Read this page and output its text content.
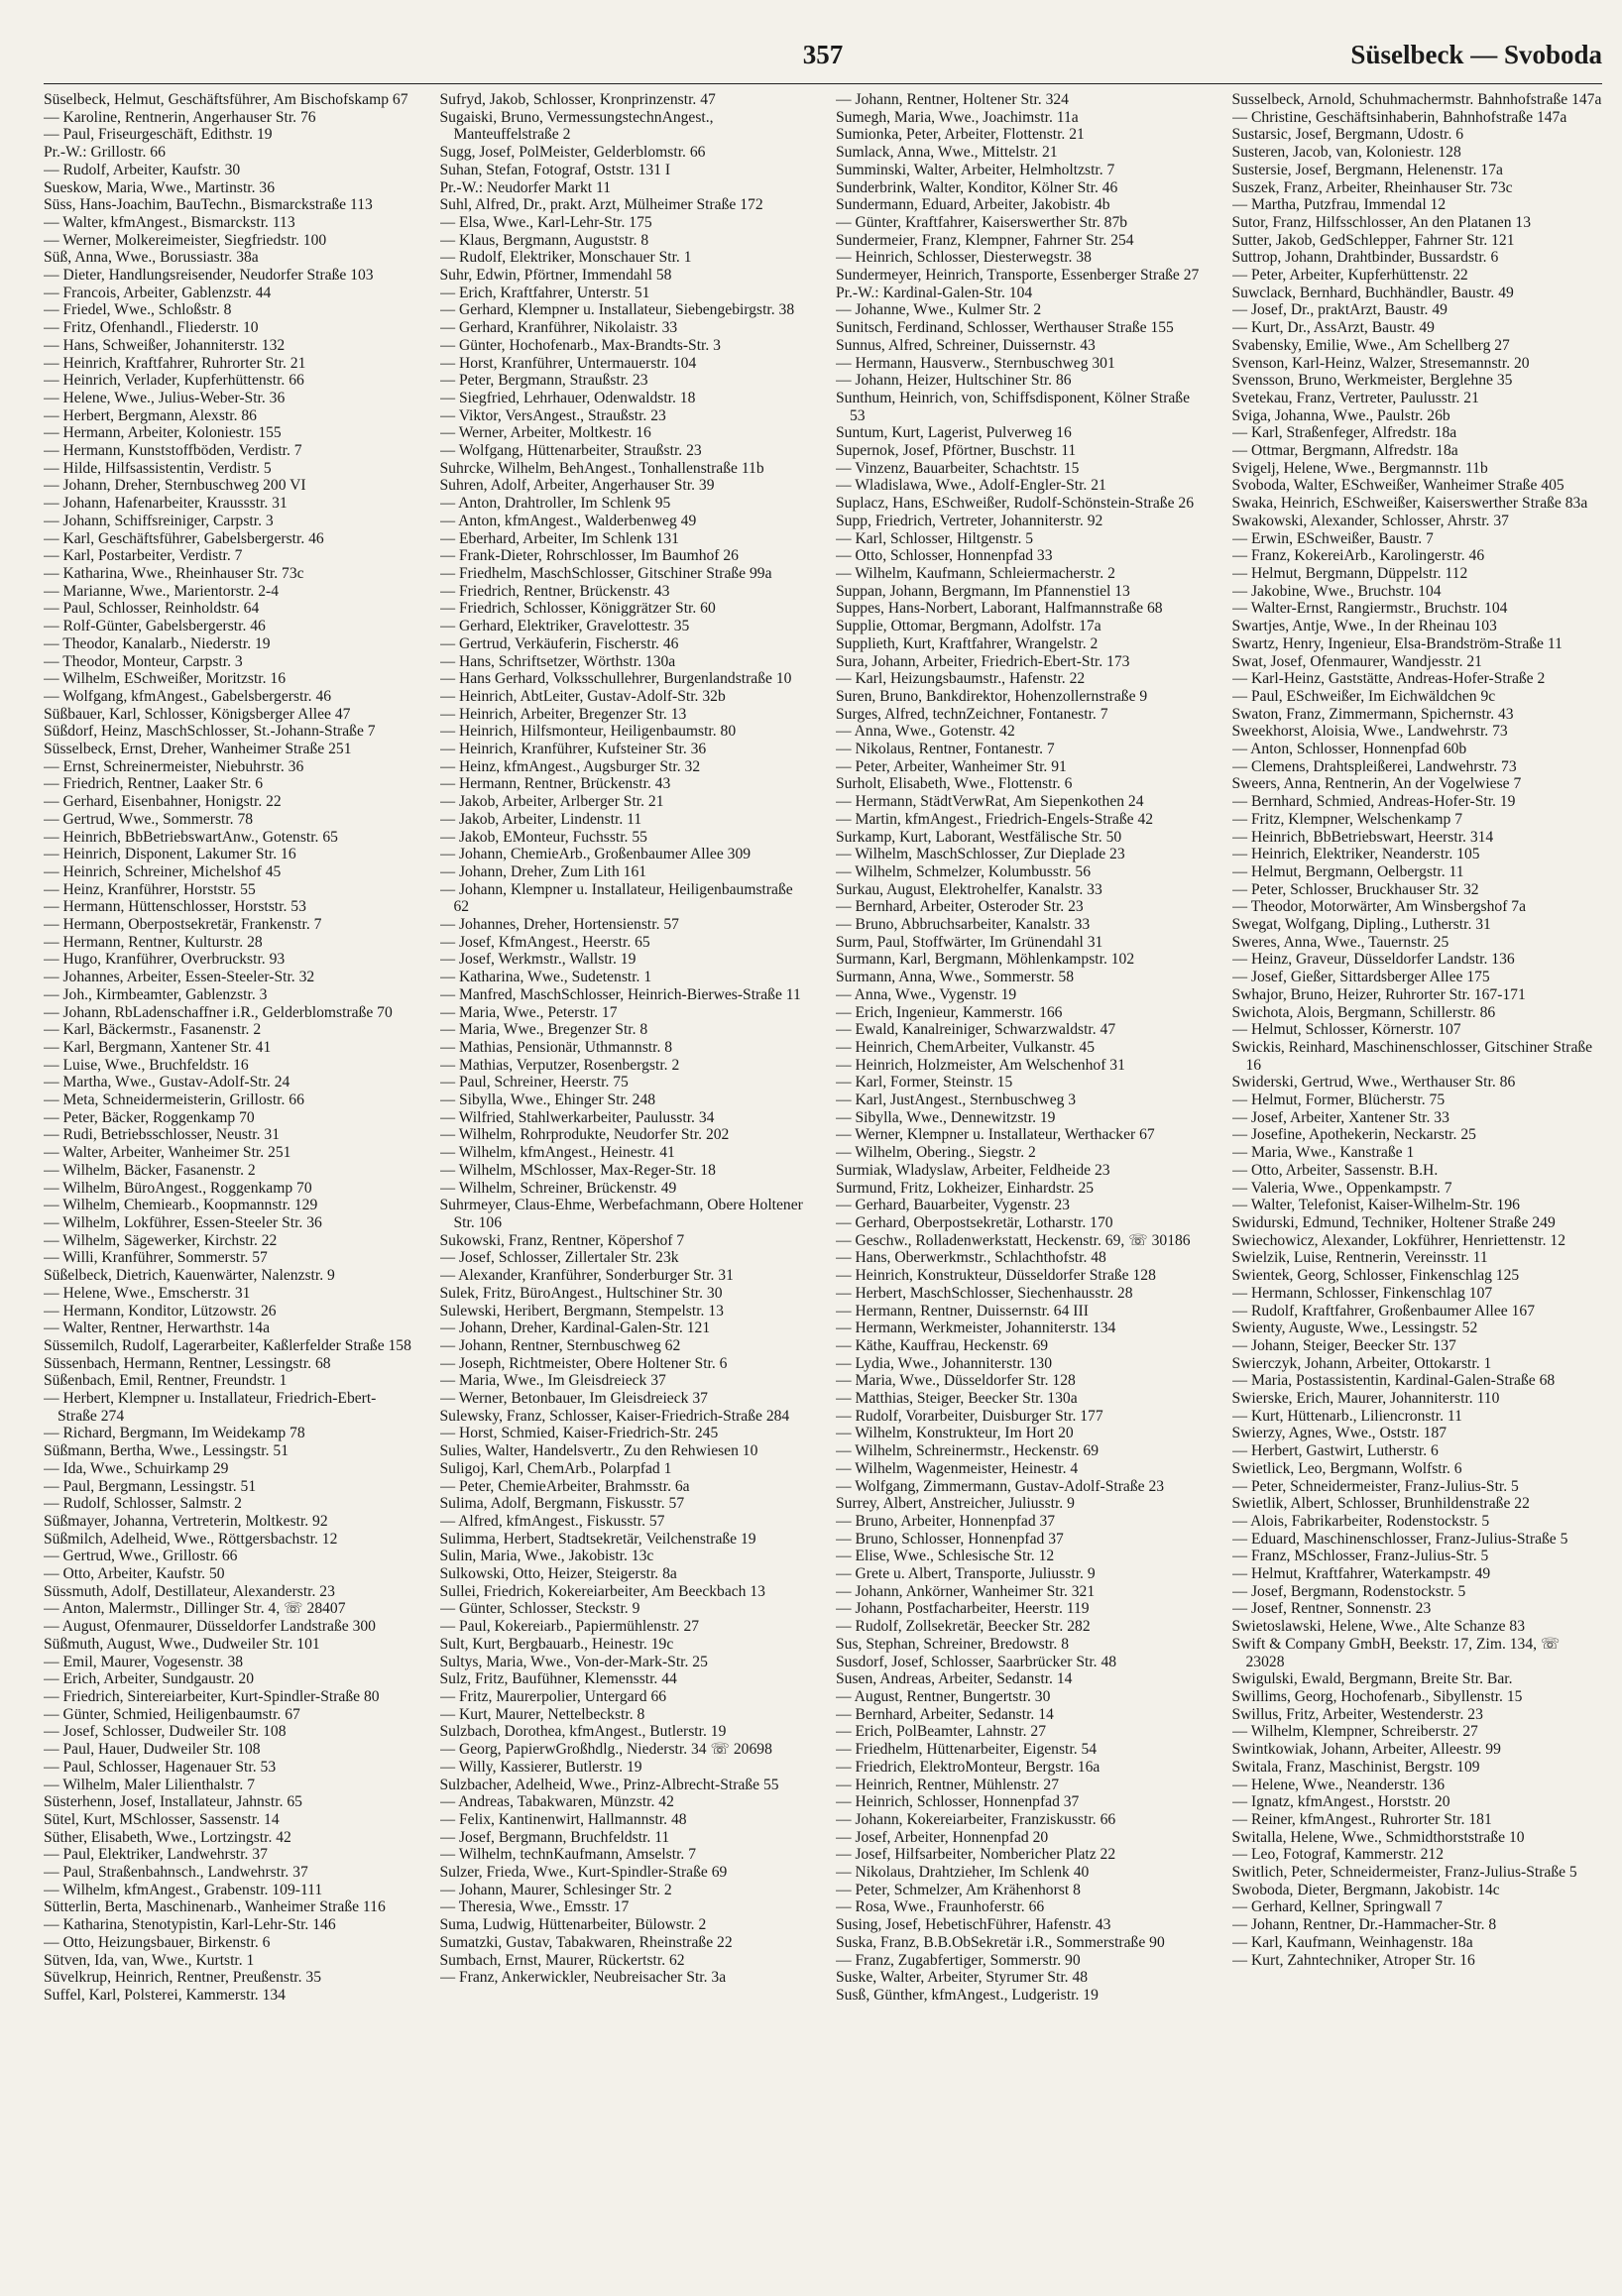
357	Süselbeck — Svoboda
Süselbeck, Helmut, Geschäftsführer, Am Bischofskamp 67
— Karoline, Rentnerin, Angerhauser Str. 76
— Paul, Friseurgeschäft, Edithstr. 19
Pr.-W.: Grillostr. 66
— Rudolf, Arbeiter, Kaufstr. 30
Sueskow, Maria, Wwe., Martinstr. 36
Süss, Hans-Joachim, BauTechn., Bismarckstraße 113
— Walter, kfmAngest., Bismarckstr. 113
— Werner, Molkereimeister, Siegfriedstr. 100
Süß, Anna, Wwe., Borussiastr. 38a
— Dieter, Handlungsreisender, Neudorfer Straße 103
— Francois, Arbeiter, Gablenzstr. 44
— Friedel, Wwe., Schloßstr. 8
— Fritz, Ofenhandl., Fliederstr. 10
— Hans, Schweißer, Johanniterstr. 132
— Heinrich, Kraftfahrer, Ruhrorter Str. 21
— Heinrich, Verlader, Kupferhüttenstr. 66
— Helene, Wwe., Julius-Weber-Str. 36
— Herbert, Bergmann, Alexstr. 86
— Hermann, Arbeiter, Koloniestr. 155
— Hermann, Kunststoffböden, Verdistr. 7
— Hilde, Hilfsassistentin, Verdistr. 5
— Johann, Dreher, Sternbuschweg 200 VI
— Johann, Hafenarbeiter, Kraussstr. 31
— Johann, Schiffsreiniger, Carpstr. 3
— Karl, Geschäftsführer, Gabelsbergerstr. 46
— Karl, Postarbeiter, Verdistr. 7
— Katharina, Wwe., Rheinhauser Str. 73c
— Marianne, Wwe., Marientorstr. 2-4
— Paul, Schlosser, Reinholdstr. 64
— Rolf-Günter, Gabelsbergerstr. 46
— Theodor, Kanalarb., Niederstr. 19
— Theodor, Monteur, Carpstr. 3
— Wilhelm, ESchweißer, Moritzstr. 16
— Wolfgang, kfmAngest., Gabelsbergerstr. 46
Süßbauer, Karl, Schlosser, Königsberger Allee 47
Süßdorf, Heinz, MaschSchlosser, St.-Johann-Straße 7
Süsselbeck, Ernst, Dreher, Wanheimer Straße 251
— Ernst, Schreinermeister, Niebuhrstr. 36
— Friedrich, Rentner, Laaker Str. 6
— Gerhard, Eisenbahner, Honigstr. 22
— Gertrud, Wwe., Sommerstr. 78
— Heinrich, BbBetriebswartAnw., Gotenstr. 65
— Heinrich, Disponent, Lakumer Str. 16
— Heinrich, Schreiner, Michelshof 45
— Heinz, Kranführer, Horststr. 55
— Hermann, Hüttenschlosser, Horststr. 53
— Hermann, Oberpostsekretär, Frankenstr. 7
— Hermann, Rentner, Kulturstr. 28
— Hugo, Kranführer, Overbruckstr. 93
— Johannes, Arbeiter, Essen-Steeler-Str. 32
— Joh., Kirmbeamter, Gablenzstr. 3
— Johann, RbLadenschaffner i.R., Gelderblomstraße 70
— Karl, Bäckermstr., Fasanenstr. 2
— Karl, Bergmann, Xantener Str. 41
— Luise, Wwe., Bruchfeldstr. 16
— Martha, Wwe., Gustav-Adolf-Str. 24
— Meta, Schneidermeisterin, Grillostr. 66
— Peter, Bäcker, Roggenkamp 70
— Rudi, Betriebsschlosser, Neustr. 31
— Walter, Arbeiter, Wanheimer Str. 251
— Wilhelm, Bäcker, Fasanenstr. 2
— Wilhelm, BüroAngest., Roggenkamp 70
— Wilhelm, Chemiearb., Koopmannstr. 129
— Wilhelm, Lokführer, Essen-Steeler Str. 36
— Wilhelm, Sägewerker, Kirchstr. 22
— Willi, Kranführer, Sommerstr. 57
Süßelbeck, Dietrich, Kauenwärter, Nalenzstr. 9
— Helene, Wwe., Emscherstr. 31
— Hermann, Konditor, Lützowstr. 26
— Walter, Rentner, Herwarthstr. 14a
Süssemilch, Rudolf, Lagerarbeiter, Kaßlerfelder Straße 158
Süssenbach, Hermann, Rentner, Lessingstr. 68
Süßenbach, Emil, Rentner, Freundstr. 1
— Herbert, Klempner u. Installateur, Friedrich-Ebert-Straße 274
— Richard, Bergmann, Im Weidekamp 78
Süßmann, Bertha, Wwe., Lessingstr. 51
— Ida, Wwe., Schuirkamp 29
— Paul, Bergmann, Lessingstr. 51
— Rudolf, Schlosser, Salmstr. 2
Süßmayer, Johanna, Vertreterin, Moltkestr. 92
Süßmilch, Adelheid, Wwe., Röttgersbachstr. 12
— Gertrud, Wwe., Grillostr. 66
— Otto, Arbeiter, Kaufstr. 50
Süssmuth, Adolf, Destillateur, Alexanderstr. 23
— Anton, Malermstr., Dillinger Str. 4, ☏ 28407
— August, Ofenmaurer, Düsseldorfer Landstraße 300
Süßmuth, August, Wwe., Dudweiler Str. 101
— Emil, Maurer, Vogesenstr. 38
— Erich, Arbeiter, Sundgaustr. 20
— Friedrich, Sintereiarbeiter, Kurt-Spindler-Straße 80
— Günter, Schmied, Heiligenbaumstr. 67
— Josef, Schlosser, Dudweiler Str. 108
— Paul, Hauer, Dudweiler Str. 108
— Paul, Schlosser, Hagenauer Str. 53
— Wilhelm, Maler Lilienthalstr. 7
Süsterhenn, Josef, Installateur, Jahnstr. 65
Sütel, Kurt, MSchlosser, Sassenstr. 14
Süther, Elisabeth, Wwe., Lortzingstr. 42
— Paul, Elektriker, Landwehrstr. 37
— Paul, Straßenbahnsch., Landwehrstr. 37
— Wilhelm, kfmAngest., Grabenstr. 109-111
Sütterlin, Berta, Maschinenarb., Wanheimer Straße 116
— Katharina, Stenotypistin, Karl-Lehr-Str. 146
— Otto, Heizungsbauer, Birkenstr. 6
Sütven, Ida, van, Wwe., Kurtstr. 1
Süvelkrup, Heinrich, Rentner, Preußenstr. 35
Suffel, Karl, Polsterei, Kammerstr. 134
Sufryd, Jakob, Schlosser, Kronprinzenstr. 47
Sugaiski, Bruno, VermessungstechnAngest., Manteuffelstraße 2
Sugg, Josef, PolMeister, Gelderblomstr. 66
Suhan, Stefan, Fotograf, Oststr. 131 I
Pr.-W.: Neudorfer Markt 11
Suhl, Alfred, Dr., prakt. Arzt, Mülheimer Straße 172
— Elsa, Wwe., Karl-Lehr-Str. 175
— Klaus, Bergmann, Auguststr. 8
— Rudolf, Elektriker, Monschauer Str. 1
Suhr, Edwin, Pförtner, Immendahl 58
— Erich, Kraftfahrer, Unterstr. 51
— Gerhard, Klempner u. Installateur, Siebengebirgstr. 38
— Gerhard, Kranführer, Nikolaistr. 33
— Günter, Hochofenarb., Max-Brandts-Str. 3
— Horst, Kranführer, Untermauerstr. 104
— Peter, Bergmann, Straußstr. 23
— Siegfried, Lehrhauer, Odenwaldstr. 18
— Viktor, VersAngest., Straußstr. 23
— Werner, Arbeiter, Moltkestr. 16
— Wolfgang, Hüttenarbeiter, Straußstr. 23
Suhrcke, Wilhelm, BehAngest., Tonhallenstraße 11b
Suhren, Adolf, Arbeiter, Angerhauser Str. 39
— Anton, Drahtroller, Im Schlenk 95
— Anton, kfmAngest., Walderbenweg 49
— Eberhard, Arbeiter, Im Schlenk 131
— Frank-Dieter, Rohrschlosser, Im Baumhof 26
— Friedhelm, MaschSchlosser, Gitschiner Straße 99a
— Friedrich, Rentner, Brückenstr. 43
— Friedrich, Schlosser, Königgrätzer Str. 60
— Gerhard, Elektriker, Gravelottestr. 35
— Gertrud, Verkäuferin, Fischerstr. 46
— Hans, Schriftsetzer, Wörthstr. 130a
— Hans Gerhard, Volksschullehrer, Burgenlandstraße 10
— Heinrich, AbtLeiter, Gustav-Adolf-Str. 32b
— Heinrich, Arbeiter, Bregenzer Str. 13
— Heinrich, Hilfsmonteur, Heiligenbaumstr. 80
— Heinrich, Kranführer, Kufsteiner Str. 36
— Heinz, kfmAngest., Augsburger Str. 32
— Hermann, Rentner, Brückenstr. 43
— Jakob, Arbeiter, Arlberger Str. 21
— Jakob, Arbeiter, Lindenstr. 11
— Jakob, EMonteur, Fuchsstr. 55
— Johann, ChemieArb., Großenbaumer Allee 309
— Johann, Dreher, Zum Lith 161
— Johann, Klempner u. Installateur, Heiligenbaumstraße 62
— Johannes, Dreher, Hortensienstr. 57
— Josef, KfmAngest., Heerstr. 65
— Josef, Werkmstr., Wallstr. 19
— Katharina, Wwe., Sudetenstr. 1
— Manfred, MaschSchlosser, Heinrich-Bierwes-Straße 11
— Maria, Wwe., Peterstr. 17
— Maria, Wwe., Bregenzer Str. 8
— Mathias, Pensionär, Uthmannstr. 8
— Mathias, Verputzer, Rosenbergstr. 2
— Paul, Schreiner, Heerstr. 75
— Sibylla, Wwe., Ehinger Str. 248
— Wilfried, Stahlwerkarbeiter, Paulusstr. 34
— Wilhelm, Rohrprodukte, Neudorfer Str. 202
— Wilhelm, kfmAngest., Heinestr. 41
— Wilhelm, MSchlosser, Max-Reger-Str. 18
— Wilhelm, Schreiner, Brückenstr. 49
Suhrmeyer, Claus-Ehme, Werbefachmann, Obere Holtener Str. 106
Sukowski, Franz, Rentner, Köpershof 7
— Josef, Schlosser, Zillertaler Str. 23k
— Alexander, Kranführer, Sonderburger Str. 31
Sulek, Fritz, BüroAngest., Hultschiner Str. 30
Sulewski, Heribert, Bergmann, Stempelstr. 13
— Johann, Dreher, Kardinal-Galen-Str. 121
— Johann, Rentner, Sternbuschweg 62
— Joseph, Richtmeister, Obere Holtener Str. 6
— Maria, Wwe., Im Gleisdreieck 37
— Werner, Betonbauer, Im Gleisdreieck 37
Sulewsky, Franz, Schlosser, Kaiser-Friedrich-Straße 284
— Horst, Schmied, Kaiser-Friedrich-Str. 245
Sulies, Walter, Handelsvertr., Zu den Rehwiesen 10
Suligoj, Karl, ChemArb., Polarpfad 1
— Peter, ChemieArbeiter, Brahmsstr. 6a
Sulima, Adolf, Bergmann, Fiskusstr. 57
— Alfred, kfmAngest., Fiskusstr. 57
Sulimma, Herbert, Stadtsekretär, Veilchenstraße 19
Sulin, Maria, Wwe., Jakobistr. 13c
Sulkowski, Otto, Heizer, Steigerstr. 8a
Sullei, Friedrich, Kokereiarbeiter, Am Beeckbach 13
— Günter, Schlosser, Steckstr. 9
— Paul, Kokereiarb., Papiermühlenstr. 27
Sult, Kurt, Bergbauarb., Heinestr. 19c
Sultys, Maria, Wwe., Von-der-Mark-Str. 25
Sulz, Fritz, Baufühner, Klemensstr. 44
— Fritz, Maurerpolier, Untergard 66
— Kurt, Maurer, Nettelbeckstr. 8
Sulzbach, Dorothea, kfmAngest., Butlerstr. 19
— Georg, PapierwGroßhdlg., Niederstr. 34 ☏ 20698
— Willy, Kassierer, Butlerstr. 19
Sulzbacher, Adelheid, Wwe., Prinz-Albrecht-Straße 55
— Andreas, Tabakwaren, Münzstr. 42
— Felix, Kantinenwirt, Hallmannstr. 48
— Josef, Bergmann, Bruchfeldstr. 11
— Wilhelm, technKaufmann, Amselstr. 7
Sulzer, Frieda, Wwe., Kurt-Spindler-Straße 69
— Johann, Maurer, Schlesinger Str. 2
— Theresia, Wwe., Emsstr. 17
Suma, Ludwig, Hüttenarbeiter, Bülowstr. 2
Sumatzki, Gustav, Tabakwaren, Rheinstraße 22
Sumbach, Ernst, Maurer, Rückertstr. 62
— Franz, Ankerwickler, Neubreisacher Str. 3a
— Johann, Rentner, Holtener Str. 324
Sumegh, Maria, Wwe., Joachimstr. 11a
Sumionka, Peter, Arbeiter, Flottenstr. 21
Sumlack, Anna, Wwe., Mittelstr. 21
Summinski, Walter, Arbeiter, Helmholtzstr. 7
Sunderbrink, Walter, Konditor, Kölner Str. 46
Sundermann, Eduard, Arbeiter, Jakobistr. 4b
— Günter, Kraftfahrer, Kaiserswerther Str. 87b
Sundermeier, Franz, Klempner, Fahrner Str. 254
— Heinrich, Schlosser, Diesterwegstr. 38
Sundermeyer, Heinrich, Transporte, Essenberger Straße 27
Pr.-W.: Kardinal-Galen-Str. 104
— Johanne, Wwe., Kulmer Str. 2
Sunitsch, Ferdinand, Schlosser, Werthauser Straße 155
Sunnus, Alfred, Schreiner, Duissernstr. 43
— Hermann, Hausverw., Sternbuschweg 301
— Johann, Heizer, Hultschiner Str. 86
Sunthum, Heinrich, von, Schiffsdisponent, Kölner Straße 53
Suntum, Kurt, Lagerist, Pulverweg 16
Supernok, Josef, Pförtner, Buschstr. 11
— Vinzenz, Bauarbeiter, Schachtstr. 15
— Wladislawa, Wwe., Adolf-Engler-Str. 21
Suplacz, Hans, ESchweißer, Rudolf-Schönstein-Straße 26
Supp, Friedrich, Vertreter, Johanniterstr. 92
— Karl, Schlosser, Hiltgenstr. 5
— Otto, Schlosser, Honnenpfad 33
— Wilhelm, Kaufmann, Schleiermacherstr. 2
Suppan, Johann, Bergmann, Im Pfannenstiel 13
Suppes, Hans-Norbert, Laborant, Halfmannstraße 68
Supplie, Ottomar, Bergmann, Adolfstr. 17a
Supplieth, Kurt, Kraftfahrer, Wrangelstr. 2
Sura, Johann, Arbeiter, Friedrich-Ebert-Str. 173
— Karl, Heizungsbaumstr., Hafenstr. 22
Suren, Bruno, Bankdirektor, Hohenzollernstraße 9
Surges, Alfred, technZeichner, Fontanestr. 7
— Anna, Wwe., Gotenstr. 42
— Nikolaus, Rentner, Fontanestr. 7
— Peter, Arbeiter, Wanheimer Str. 91
Surholt, Elisabeth, Wwe., Flottenstr. 6
— Hermann, StädtVerwRat, Am Siepenkothen 24
— Martin, kfmAngest., Friedrich-Engels-Straße 42
Surkamp, Kurt, Laborant, Westfälische Str. 50
— Wilhelm, MaschSchlosser, Zur Dieplade 23
— Wilhelm, Schmelzer, Kolumbusstr. 56
Surkau, August, Elektrohelfer, Kanalstr. 33
— Bernhard, Arbeiter, Osteroder Str. 23
— Bruno, Abbruchsarbeiter, Kanalstr. 33
Surm, Paul, Stoffwärter, Im Grünendahl 31
Surmann, Karl, Bergmann, Möhlenkampstr. 102
Surmann, Anna, Wwe., Sommerstr. 58
— Anna, Wwe., Vygenstr. 19
— Erich, Ingenieur, Kammerstr. 166
— Ewald, Kanalreiniger, Schwarzwaldstr. 47
— Heinrich, ChemArbeiter, Vulkanstr. 45
— Heinrich, Holzmeister, Am Welschenhof 31
— Karl, Former, Steinstr. 15
— Karl, JustAngest., Sternbuschweg 3
— Sibylla, Wwe., Dennewitzstr. 19
— Werner, Klempner u. Installateur, Werthacker 67
— Wilhelm, Obering., Siegstr. 2
Surmiak, Wladyslaw, Arbeiter, Feldheide 23
Surmund, Fritz, Lokheizer, Einhardstr. 25
— Gerhard, Bauarbeiter, Vygenstr. 23
— Gerhard, Oberpostsekretär, Lotharstr. 170
— Geschw., Rolladenwerkstatt, Heckenstr. 69, ☏ 30186
— Hans, Oberwerkmstr., Schlachthofstr. 48
— Heinrich, Konstrukteur, Düsseldorfer Straße 128
— Herbert, MaschSchlosser, Siechenhausstr. 28
— Hermann, Rentner, Duissernstr. 64 III
— Hermann, Werkmeister, Johanniterstr. 134
— Käthe, Kauffrau, Heckenstr. 69
— Lydia, Wwe., Johanniterstr. 130
— Maria, Wwe., Düsseldorfer Str. 128
— Matthias, Steiger, Beecker Str. 130a
— Rudolf, Vorarbeiter, Duisburger Str. 177
— Wilhelm, Konstrukteur, Im Hort 20
— Wilhelm, Schreinermstr., Heckenstr. 69
— Wilhelm, Wagenmeister, Heinestr. 4
— Wolfgang, Zimmermann, Gustav-Adolf-Straße 23
Surrey, Albert, Anstreicher, Juliusstr. 9
— Bruno, Arbeiter, Honnenpfad 37
— Bruno, Schlosser, Honnenpfad 37
— Elise, Wwe., Schlesische Str. 12
— Grete u. Albert, Transporte, Juliusstr. 9
— Johann, Ankörner, Wanheimer Str. 321
— Johann, Postfacharbeiter, Heerstr. 119
— Rudolf, Zollsekretär, Beecker Str. 282
Sus, Stephan, Schreiner, Bredowstr. 8
Susdorf, Josef, Schlosser, Saarbrücker Str. 48
Susen, Andreas, Arbeiter, Sedanstr. 14
— August, Rentner, Bungertstr. 30
— Bernhard, Arbeiter, Sedanstr. 14
— Erich, PolBeamter, Lahnstr. 27
— Friedhelm, Hüttenarbeiter, Eigenstr. 54
— Friedrich, ElektroMonteur, Bergstr. 16a
— Heinrich, Rentner, Mühlenstr. 27
— Heinrich, Schlosser, Honnenpfad 37
— Johann, Kokereiarbeiter, Franziskusstr. 66
— Josef, Arbeiter, Honnenpfad 20
— Josef, Hilfsarbeiter, Nombericher Platz 22
— Nikolaus, Drahtzieher, Im Schlenk 40
— Peter, Schmelzer, Am Krähenhorst 8
— Rosa, Wwe., Fraunhoferstr. 66
Susing, Josef, HebetischFührer, Hafenstr. 43
Suska, Franz, B.B.ObSekretär i.R., Sommerstraße 90
— Franz, Zugabfertiger, Sommerstr. 90
Suske, Walter, Arbeiter, Styrumer Str. 48
Susß, Günther, kfmAngest., Ludgeristr. 19
Susselbeck, Arnold, Schuhmachermstr. Bahnhofstraße 147a
— Christine, Geschäftsinhaberin, Bahnhofstraße 147a
Sustarsic, Josef, Bergmann, Udostr. 6
Susteren, Jacob, van, Koloniestr. 128
Sustersie, Josef, Bergmann, Helenenstr. 17a
Suszek, Franz, Arbeiter, Rheinhauser Str. 73c
— Martha, Putzfrau, Immendal 12
Sutor, Franz, Hilfsschlosser, An den Platanen 13
Sutter, Jakob, GedSchlepper, Fahrner Str. 121
Suttrop, Johann, Drahtbinder, Bussardstr. 6
— Peter, Arbeiter, Kupferhüttenstr. 22
Suwclack, Bernhard, Buchhändler, Baustr. 49
— Josef, Dr., praktArzt, Baustr. 49
— Kurt, Dr., AssArzt, Baustr. 49
Svabensky, Emilie, Wwe., Am Schellberg 27
Svenson, Karl-Heinz, Walzer, Stresemannstr. 20
Svensson, Bruno, Werkmeister, Berglehne 35
Svetekau, Franz, Vertreter, Paulusstr. 21
Sviga, Johanna, Wwe., Paulstr. 26b
— Karl, Straßenfeger, Alfredstr. 18a
— Ottmar, Bergmann, Alfredstr. 18a
Svigelj, Helene, Wwe., Bergmannstr. 11b
Svoboda, Walter, ESchweißer, Wanheimer Straße 405
Swaka, Heinrich, ESchweißer, Kaiserswerther Straße 83a
Swakowski, Alexander, Schlosser, Ahrstr. 37
— Erwin, ESchweißer, Baustr. 7
— Franz, KokereiArb., Karolingerstr. 46
— Helmut, Bergmann, Düppelstr. 112
— Jakobine, Wwe., Bruchstr. 104
— Walter-Ernst, Rangiermstr., Bruchstr. 104
Swartjes, Antje, Wwe., In der Rheinau 103
Swartz, Henry, Ingenieur, Elsa-Brandström-Straße 11
Swat, Josef, Ofenmaurer, Wandjesstr. 21
— Karl-Heinz, Gaststätte, Andreas-Hofer-Straße 2
— Paul, ESchweißer, Im Eichwäldchen 9c
Swaton, Franz, Zimmermann, Spichernstr. 43
Sweekhorst, Aloisia, Wwe., Landwehrstr. 73
— Anton, Schlosser, Honnenpfad 60b
— Clemens, Drahtspleißerei, Landwehrstr. 73
Sweers, Anna, Rentnerin, An der Vogelwiese 7
— Bernhard, Schmied, Andreas-Hofer-Str. 19
— Fritz, Klempner, Welschenkamp 7
— Heinrich, BbBetriebswart, Heerstr. 314
— Heinrich, Elektriker, Neanderstr. 105
— Helmut, Bergmann, Oelbergstr. 11
— Peter, Schlosser, Bruckhauser Str. 32
— Theodor, Motorwärter, Am Winsbergshof 7a
Swegat, Wolfgang, Dipling., Lutherstr. 31
Sweres, Anna, Wwe., Tauernstr. 25
— Heinz, Graveur, Düsseldorfer Landstr. 136
— Josef, Gießer, Sittardsberger Allee 175
Swhajor, Bruno, Heizer, Ruhrorter Str. 167-171
Swichota, Alois, Bergmann, Schillerstr. 86
— Helmut, Schlosser, Körnerstr. 107
Swickis, Reinhard, Maschinenschlosser, Gitschiner Straße 16
Swiderski, Gertrud, Wwe., Werthauser Str. 86
— Helmut, Former, Blücherstr. 75
— Josef, Arbeiter, Xantener Str. 33
— Josefine, Apothekerin, Neckarstr. 25
— Maria, Wwe., Kanstraße 1
— Otto, Arbeiter, Sassenstr. B.H.
— Valeria, Wwe., Oppenkampstr. 7
— Walter, Telefonist, Kaiser-Wilhelm-Str. 196
Swidurski, Edmund, Techniker, Holtener Straße 249
Swiechowicz, Alexander, Lokführer, Henriettenstr. 12
Swielzik, Luise, Rentnerin, Vereinsstr. 11
Swientek, Georg, Schlosser, Finkenschlag 125
— Hermann, Schlosser, Finkenschlag 107
— Rudolf, Kraftfahrer, Großenbaumer Allee 167
Swienty, Auguste, Wwe., Lessingstr. 52
— Johann, Steiger, Beecker Str. 137
Swierczyk, Johann, Arbeiter, Ottokarstr. 1
— Maria, Postassistentin, Kardinal-Galen-Straße 68
Swierske, Erich, Maurer, Johanniterstr. 110
— Kurt, Hüttenarb., Liliencronstr. 11
Swierzy, Agnes, Wwe., Oststr. 187
— Herbert, Gastwirt, Lutherstr. 6
Swietlick, Leo, Bergmann, Wolfstr. 6
— Peter, Schneidermeister, Franz-Julius-Str. 5
Swietlik, Albert, Schlosser, Brunhildenstraße 22
— Alois, Fabrikarbeiter, Rodenstockstr. 5
— Eduard, Maschinenschlosser, Franz-Julius-Straße 5
— Franz, MSchlosser, Franz-Julius-Str. 5
— Helmut, Kraftfahrer, Waterkampstr. 49
— Josef, Bergmann, Rodenstockstr. 5
— Josef, Rentner, Sonnenstr. 23
Swietoslawski, Helene, Wwe., Alte Schanze 83
Swift & Company GmbH, Beekstr. 17, Zim. 134, ☏ 23028
Swigulski, Ewald, Bergmann, Breite Str. Bar.
Swillims, Georg, Hochofenarb., Sibyllenstr. 15
Swillus, Fritz, Arbeiter, Westenderstr. 23
— Wilhelm, Klempner, Schreiberstr. 27
Swintkowiak, Johann, Arbeiter, Alleestr. 99
Switala, Franz, Maschinist, Bergstr. 109
— Helene, Wwe., Neanderstr. 136
— Ignatz, kfmAngest., Horststr. 20
— Reiner, kfmAngest., Ruhrorter Str. 181
Switalla, Helene, Wwe., Schmidthorststraße 10
— Leo, Fotograf, Kammerstr. 212
Switlich, Peter, Schneidermeister, Franz-Julius-Straße 5
Swoboda, Dieter, Bergmann, Jakobistr. 14c
— Gerhard, Kellner, Springwall 7
— Johann, Rentner, Dr.-Hammacher-Str. 8
— Karl, Kaufmann, Weinhagenstr. 18a
— Kurt, Zahntechniker, Atroper Str. 16
